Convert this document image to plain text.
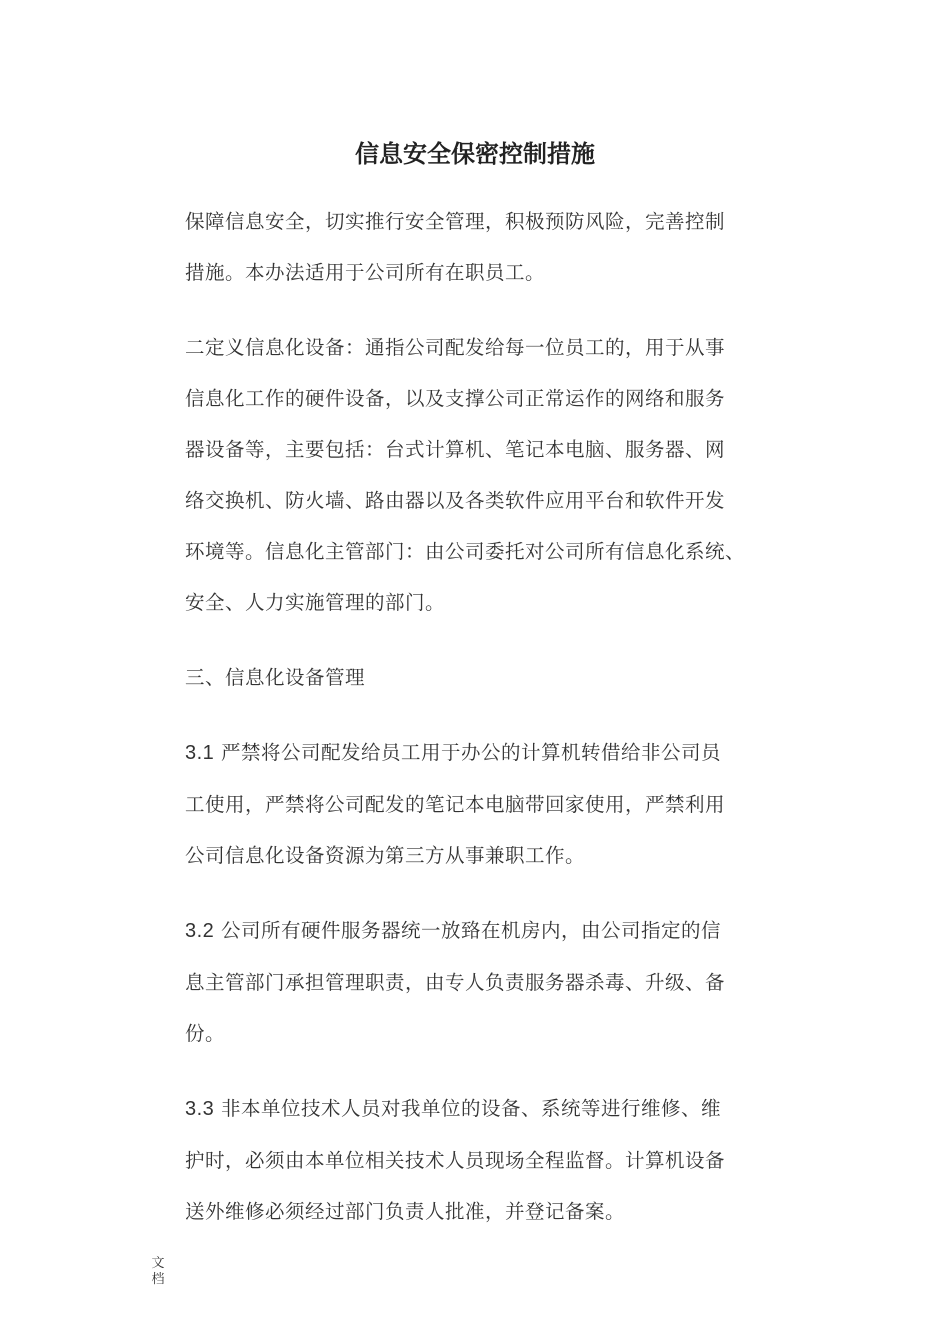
信息安全保密控制措施

保障信息安全，切实推行安全管理，积极预防风险，完善控制
措施。本办法适用于公司所有在职员工。

二定义信息化设备：通指公司配发给每一位员工的，用于从事
信息化工作的硬件设备，以及支撑公司正常运作的网络和服务
器设备等，主要包括：台式计算机、笔记本电脑、服务器、网
络交换机、防火墙、路由器以及各类软件应用平台和软件开发
环境等。信息化主管部门：由公司委托对公司所有信息化系统、
安全、人力实施管理的部门。

三、信息化设备管理

3.1 严禁将公司配发给员工用于办公的计算机转借给非公司员
工使用，严禁将公司配发的笔记本电脑带回家使用，严禁利用
公司信息化设备资源为第三方从事兼职工作。

3.2 公司所有硬件服务器统一放臵在机房内，由公司指定的信
息主管部门承担管理职责，由专人负责服务器杀毒、升级、备
份。

3.3 非本单位技术人员对我单位的设备、系统等进行维修、维
护时，必须由本单位相关技术人员现场全程监督。计算机设备
送外维修必须经过部门负责人批准，并登记备案。

文
档
